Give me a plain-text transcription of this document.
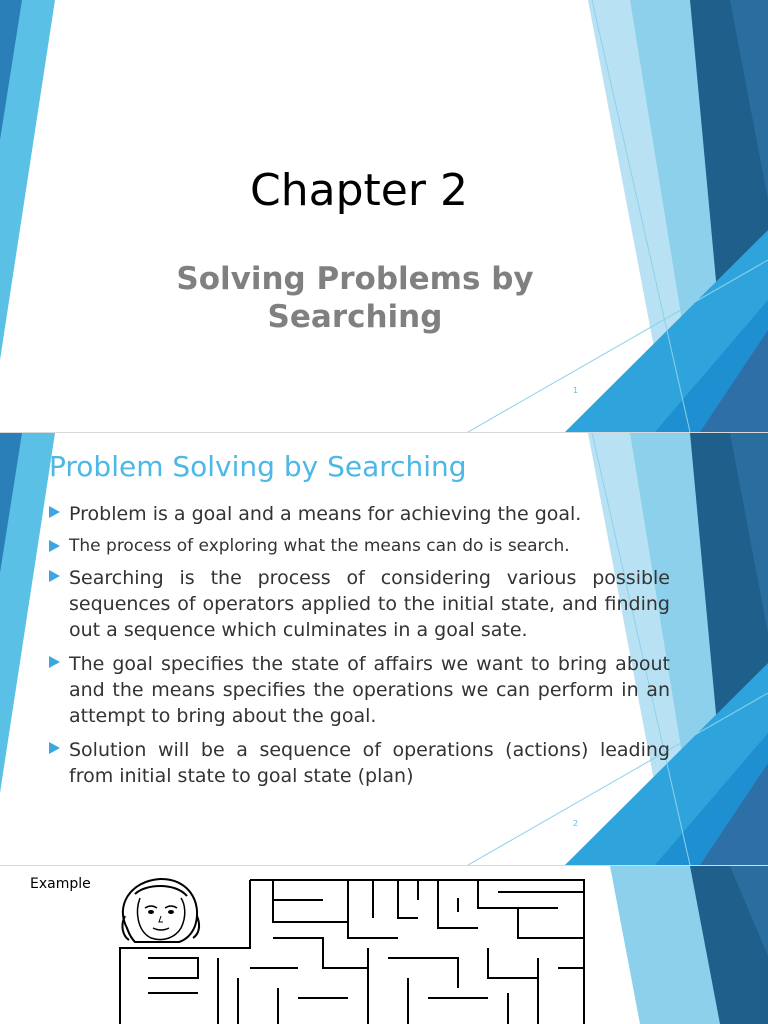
Chapter 2
Solving Problems by Searching
1
Problem Solving by Searching
Problem is a goal and a means for achieving the goal.
The process of exploring what the means can do is search.
Searching is the process of considering various possible sequences of operators applied to the initial state, and finding out a sequence which culminates in a goal sate.
The goal specifies the state of affairs we want to bring about and the means specifies the operations we can perform in an attempt to bring about the goal.
Solution will be a sequence of operations (actions) leading from initial state to goal state (plan)
2
Example
